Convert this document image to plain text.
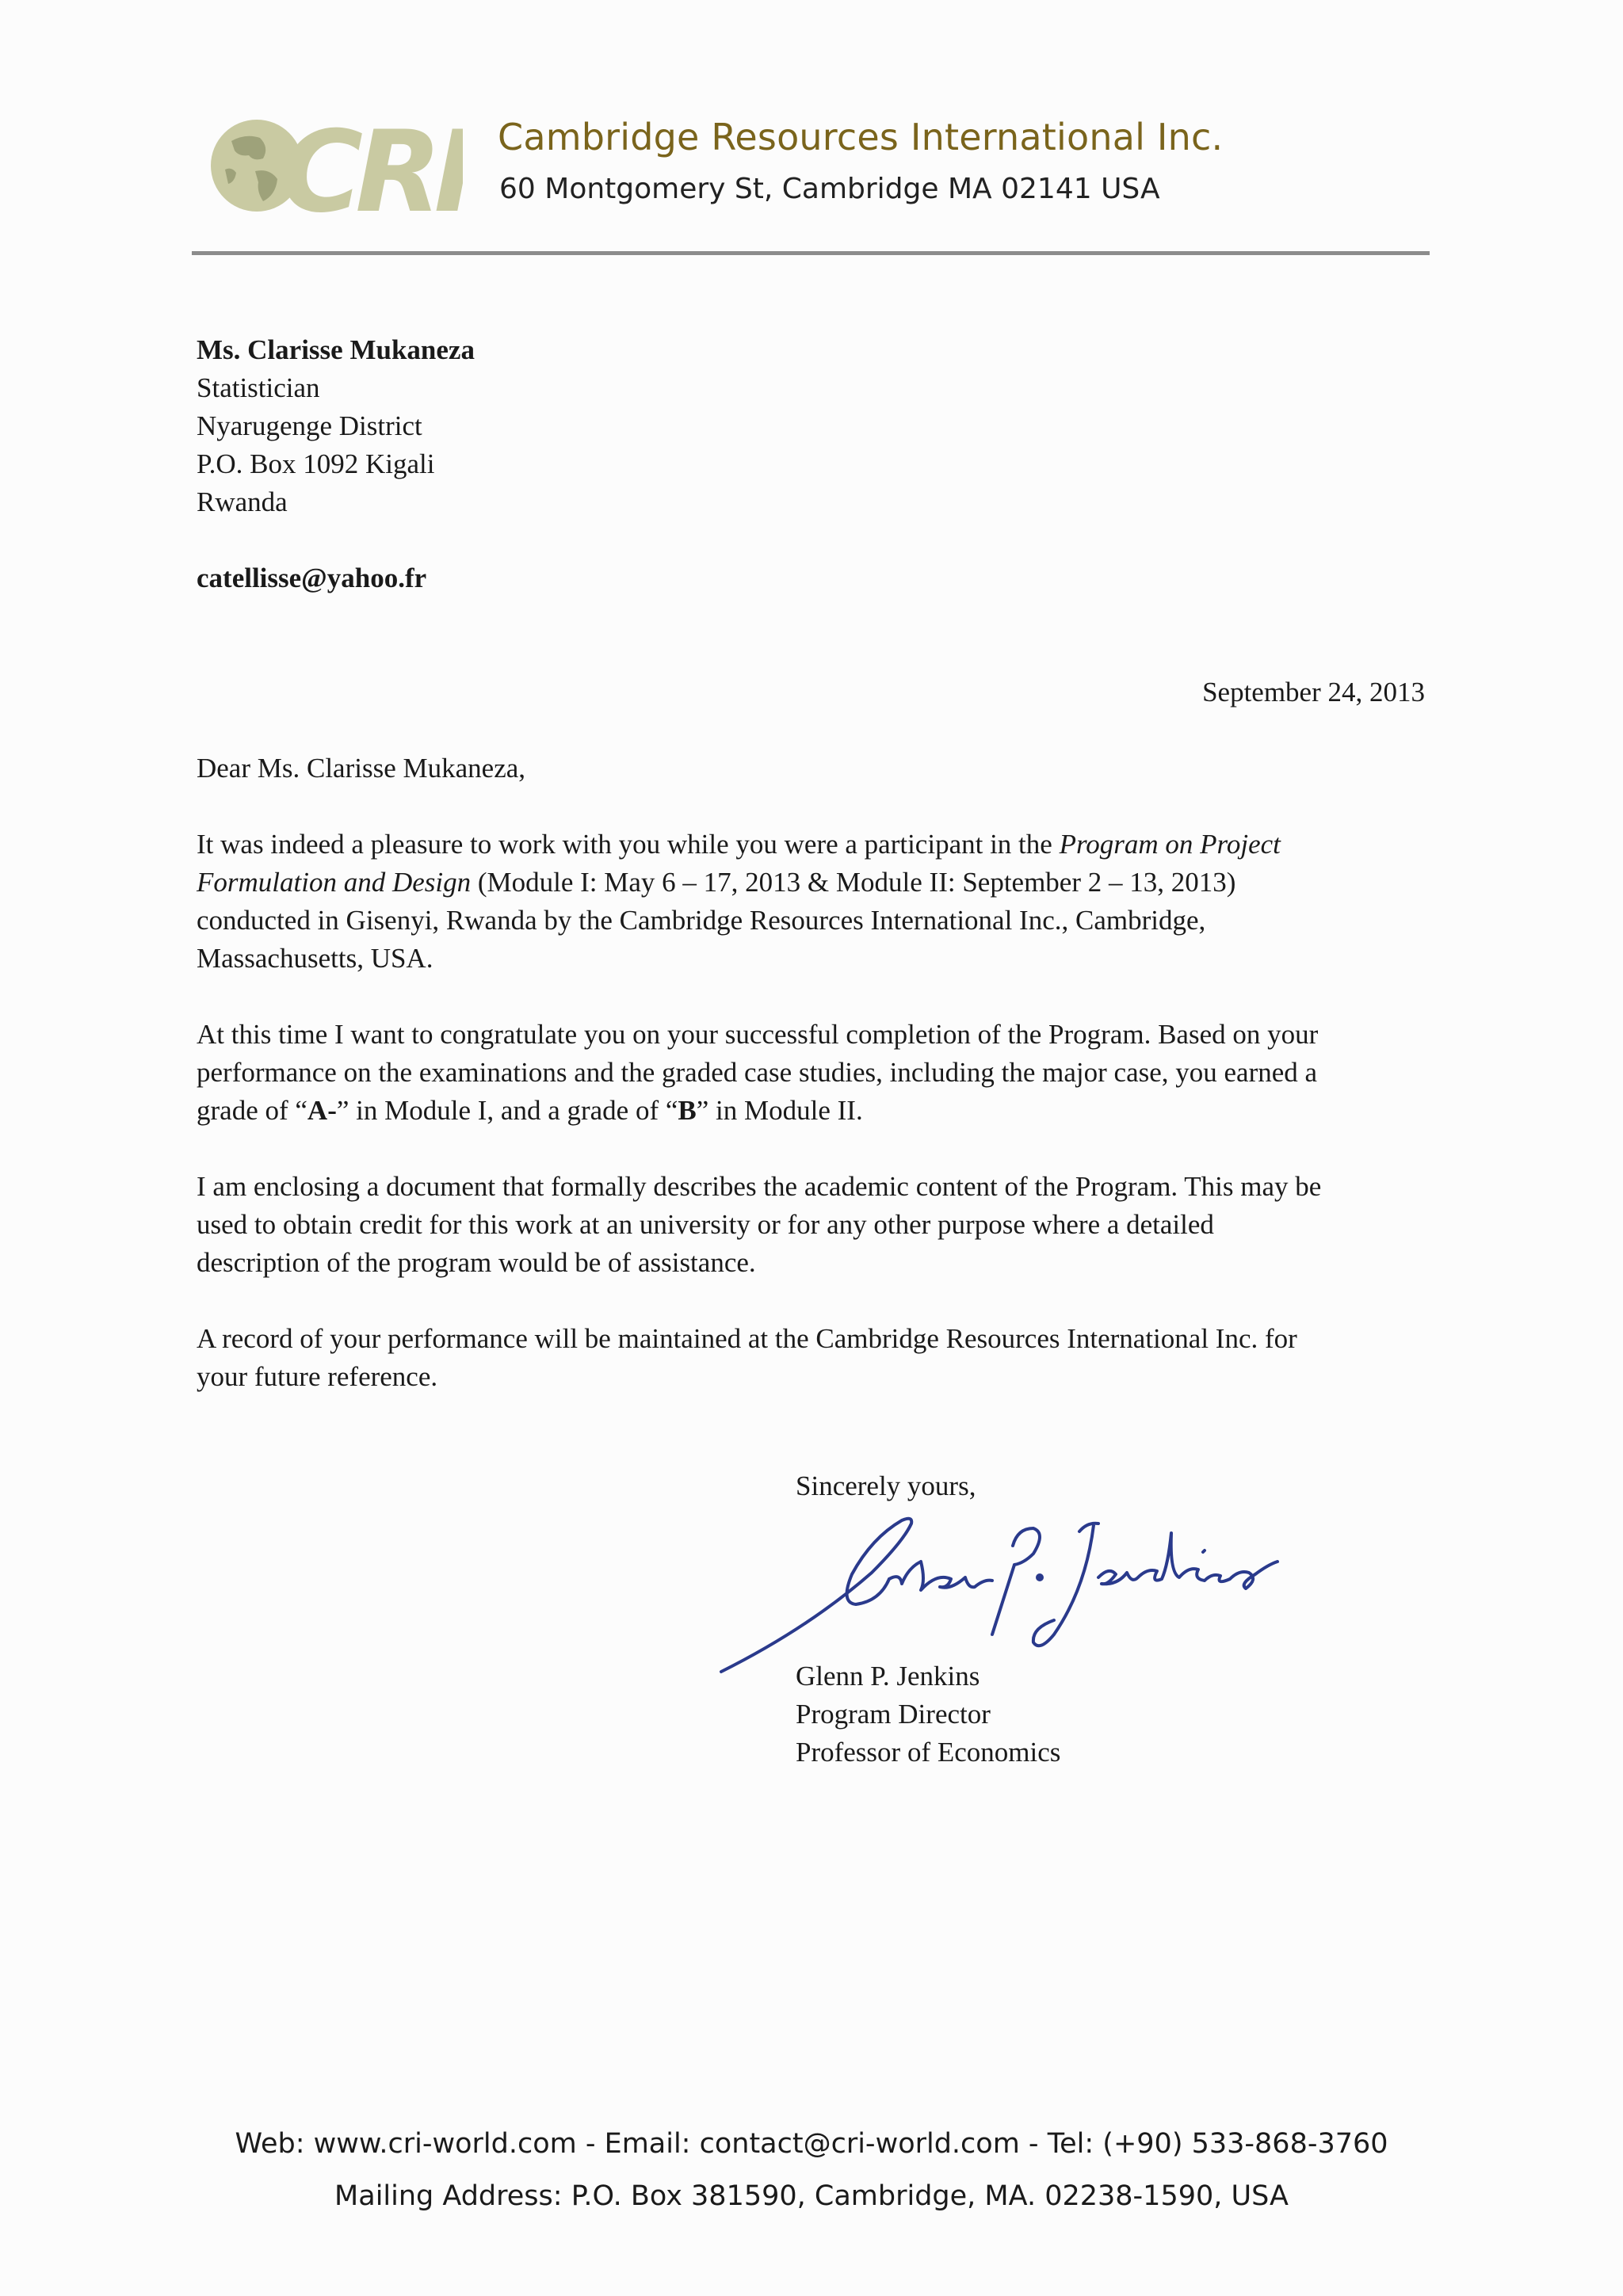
CRI Cambridge Resources International Inc.
60 Montgomery St, Cambridge MA 02141 USA
Ms. Clarisse Mukaneza
Statistician
Nyarugenge District
P.O. Box 1092 Kigali
Rwanda
catellisse@yahoo.fr
September 24, 2013
Dear Ms. Clarisse Mukaneza,
It was indeed a pleasure to work with you while you were a participant in the Program on Project
Formulation and Design (Module I: May 6 – 17, 2013 & Module II: September 2 – 13, 2013)
conducted in Gisenyi, Rwanda by the Cambridge Resources International Inc., Cambridge,
Massachusetts, USA.
At this time I want to congratulate you on your successful completion of the Program. Based on your
performance on the examinations and the graded case studies, including the major case, you earned a
grade of “A-” in Module I, and a grade of “B” in Module II.
I am enclosing a document that formally describes the academic content of the Program. This may be
used to obtain credit for this work at an university or for any other purpose where a detailed
description of the program would be of assistance.
A record of your performance will be maintained at the Cambridge Resources International Inc. for
your future reference.
Sincerely yours,
Glenn P. Jenkins
Program Director
Professor of Economics
Web: www.cri-world.com - Email: contact@cri-world.com - Tel: (+90) 533-868-3760
Mailing Address: P.O. Box 381590, Cambridge, MA. 02238-1590, USA
